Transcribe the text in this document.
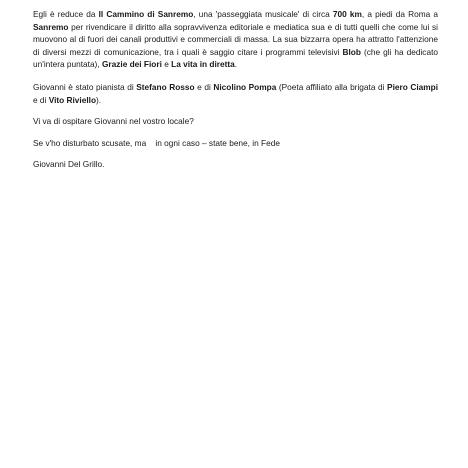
Egli è reduce da Il Cammino di Sanremo, una 'passeggiata musicale' di circa 700 km, a piedi da Roma a Sanremo per rivendicare il diritto alla sopravvivenza editoriale e mediatica sua e di tutti quelli che come lui si muovono al di fuori dei canali produttivi e commerciali di massa. La sua bizzarra opera ha attratto l'attenzione di diversi mezzi di comunicazione, tra i quali è saggio citare i programmi televisivi Blob (che gli ha dedicato un'intera puntata), Grazie dei Fiori e La vita in diretta.

Giovanni è stato pianista di Stefano Rosso e di Nicolino Pompa (Poeta affiliato alla brigata di Piero Ciampi e di Vito Riviello).

Vi va di ospitare Giovanni nel vostro locale?

Se v'ho disturbato scusate, ma    in ogni caso – state bene, in Fede

Giovanni Del Grillo.
